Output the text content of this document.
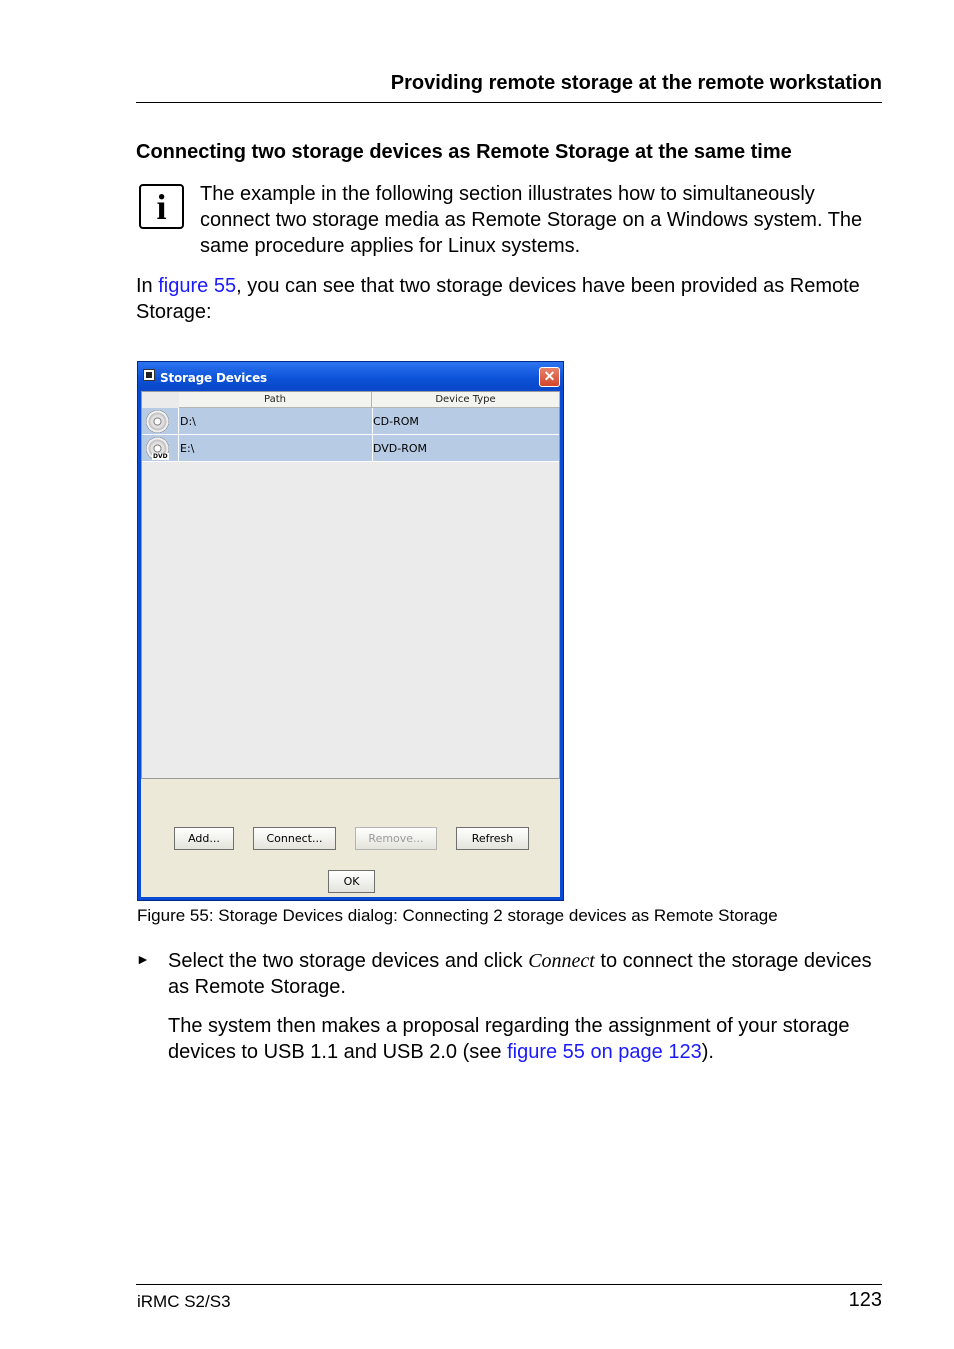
Providing remote storage at the remote workstation
Connecting two storage devices as Remote Storage at the same time
i	The example in the following section illustrates how to simultaneously connect two storage media as Remote Storage on a Windows system. The same procedure applies for Linux systems.
In figure 55, you can see that two storage devices have been provided as Remote Storage:
Storage Devices	✕
Path	Device Type
D:\	CD-ROM
DVD
E:\	DVD-ROM
Add...	Connect...	Remove...	Refresh
OK
Figure 55: Storage Devices dialog: Connecting 2 storage devices as Remote Storage
► Select the two storage devices and click Connect to connect the storage devices as Remote Storage.
The system then makes a proposal regarding the assignment of your storage devices to USB 1.1 and USB 2.0 (see figure 55 on page 123).
iRMC S2/S3	123
